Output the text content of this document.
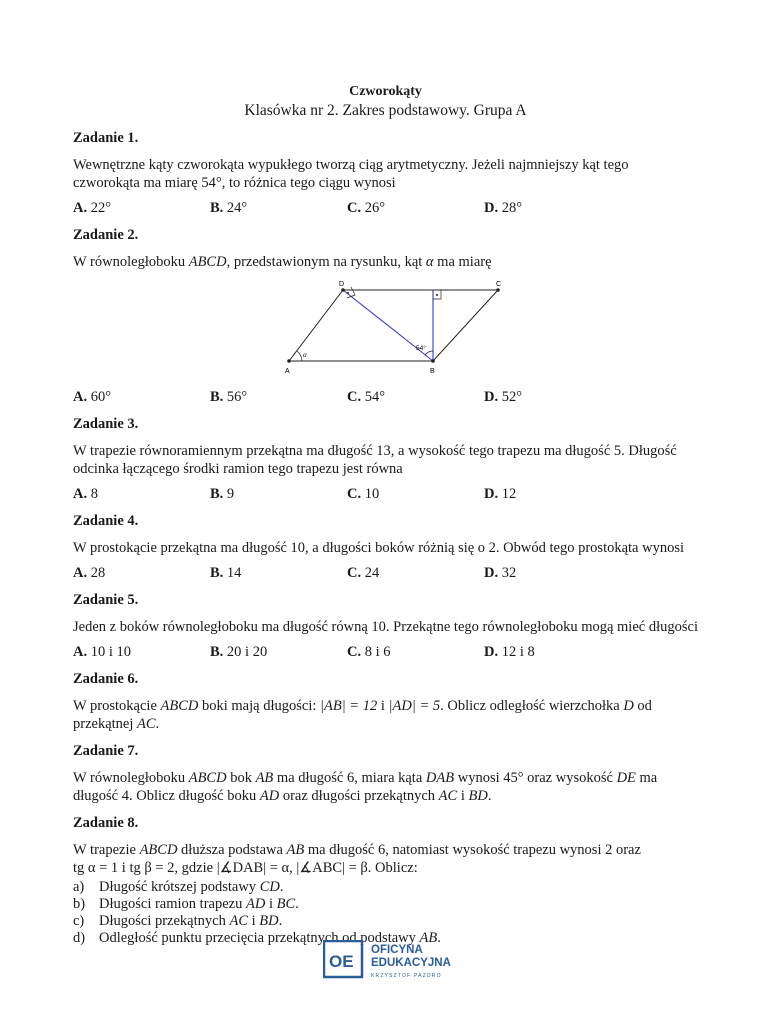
Czworokąty

Klasówka nr 2. Zakres podstawowy. Grupa A

Zadanie 1.

Wewnętrzne kąty czworokąta wypukłego tworzą ciąg arytmetyczny. Jeżeli najmniejszy kąt tego czworokąta ma miarę 54°, to różnica tego ciągu wynosi

A. 22°	B. 24°	C. 26°	D. 28°

Zadanie 2.

W równoległoboku ABCD, przedstawionym na rysunku, kąt α ma miarę

A	B
D	C
α
54°
A. 60°	B. 56°	C. 54°	D. 52°

Zadanie 3.

W trapezie równoramiennym przekątna ma długość 13, a wysokość tego trapezu ma długość 5. Długość odcinka łączącego środki ramion tego trapezu jest równa

A. 8	B. 9	C. 10	D. 12

Zadanie 4.

W prostokącie przekątna ma długość 10, a długości boków różnią się o 2. Obwód tego prostokąta wynosi

A. 28	B. 14	C. 24	D. 32

Zadanie 5.

Jeden z boków równoległoboku ma długość równą 10. Przekątne tego równoległoboku mogą mieć długości

A. 10 i 10	B. 20 i 20	C. 8 i 6	D. 12 i 8

Zadanie 6.

W prostokącie ABCD boki mają długości: |AB| = 12 i |AD| = 5. Oblicz odległość wierzchołka D od przekątnej AC.

Zadanie 7.

W równoległoboku ABCD bok AB ma długość 6, miara kąta DAB wynosi 45° oraz wysokość DE ma długość 4. Oblicz długość boku AD oraz długości przekątnych AC i BD.

Zadanie 8.

W trapezie ABCD dłuższa podstawa AB ma długość 6, natomiast wysokość trapezu wynosi 2 oraz
tg α = 1 i tg β = 2, gdzie |∡DAB| = α, |∡ABC| = β. Oblicz:

a) Długość krótszej podstawy CD.
b) Długości ramion trapezu AD i BC.
c) Długości przekątnych AC i BD.
d) Odległość punktu przecięcia przekątnych od podstawy AB.
OE
OFICYNA
EDUKACYJNA
KRZYSZTOF PAZDRO
